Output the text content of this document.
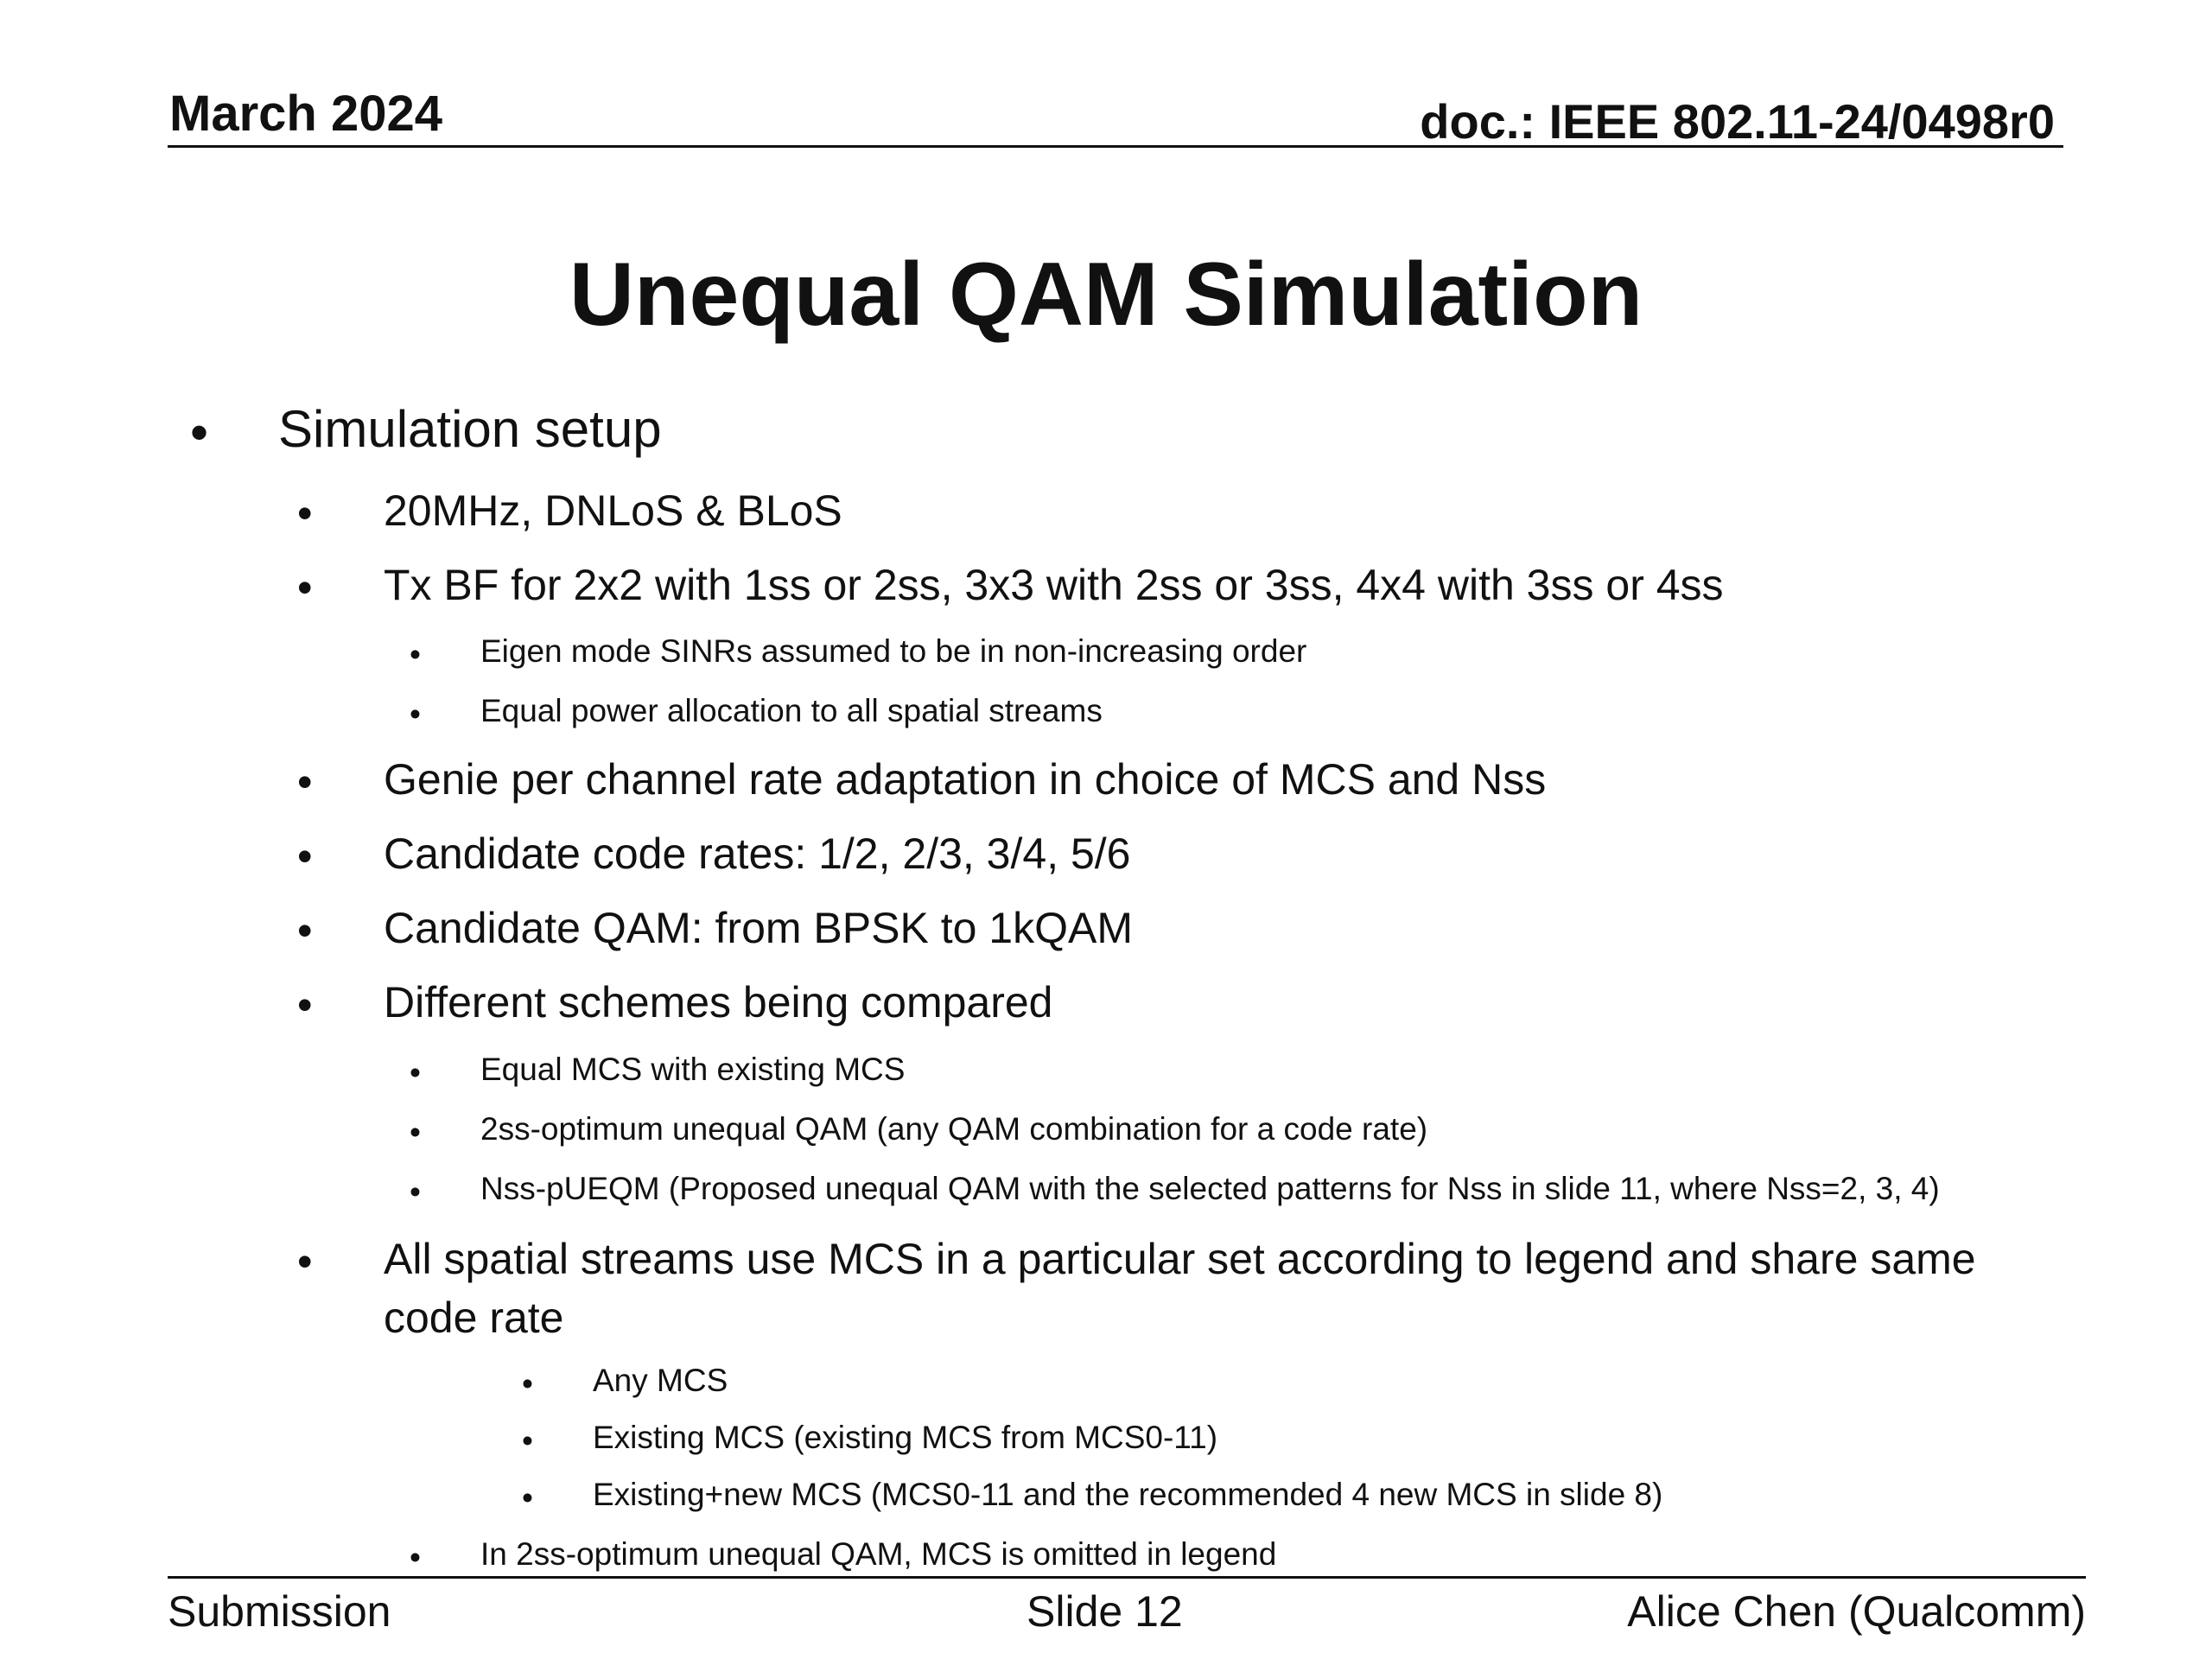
March 2024	doc.: IEEE 802.11-24/0498r0
Unequal QAM Simulation
• Simulation setup
• 20MHz, DNLoS & BLoS
• Tx BF for 2x2 with 1ss or 2ss, 3x3 with 2ss or 3ss, 4x4 with 3ss or 4ss
• Eigen mode SINRs assumed to be in non-increasing order
• Equal power allocation to all spatial streams
• Genie per channel rate adaptation in choice of MCS and Nss
• Candidate code rates: 1/2, 2/3, 3/4, 5/6
• Candidate QAM: from BPSK to 1kQAM
• Different schemes being compared
• Equal MCS with existing MCS
• 2ss-optimum unequal QAM (any QAM combination for a code rate)
• Nss-pUEQM (Proposed unequal QAM with the selected patterns for Nss in slide 11, where Nss=2, 3, 4)
• All spatial streams use MCS in a particular set according to legend and share same
code rate
• Any MCS
• Existing MCS (existing MCS from MCS0-11)
• Existing+new MCS (MCS0-11 and the recommended 4 new MCS in slide 8)
• In 2ss-optimum unequal QAM, MCS is omitted in legend
Submission	Slide 12	Alice Chen (Qualcomm)
